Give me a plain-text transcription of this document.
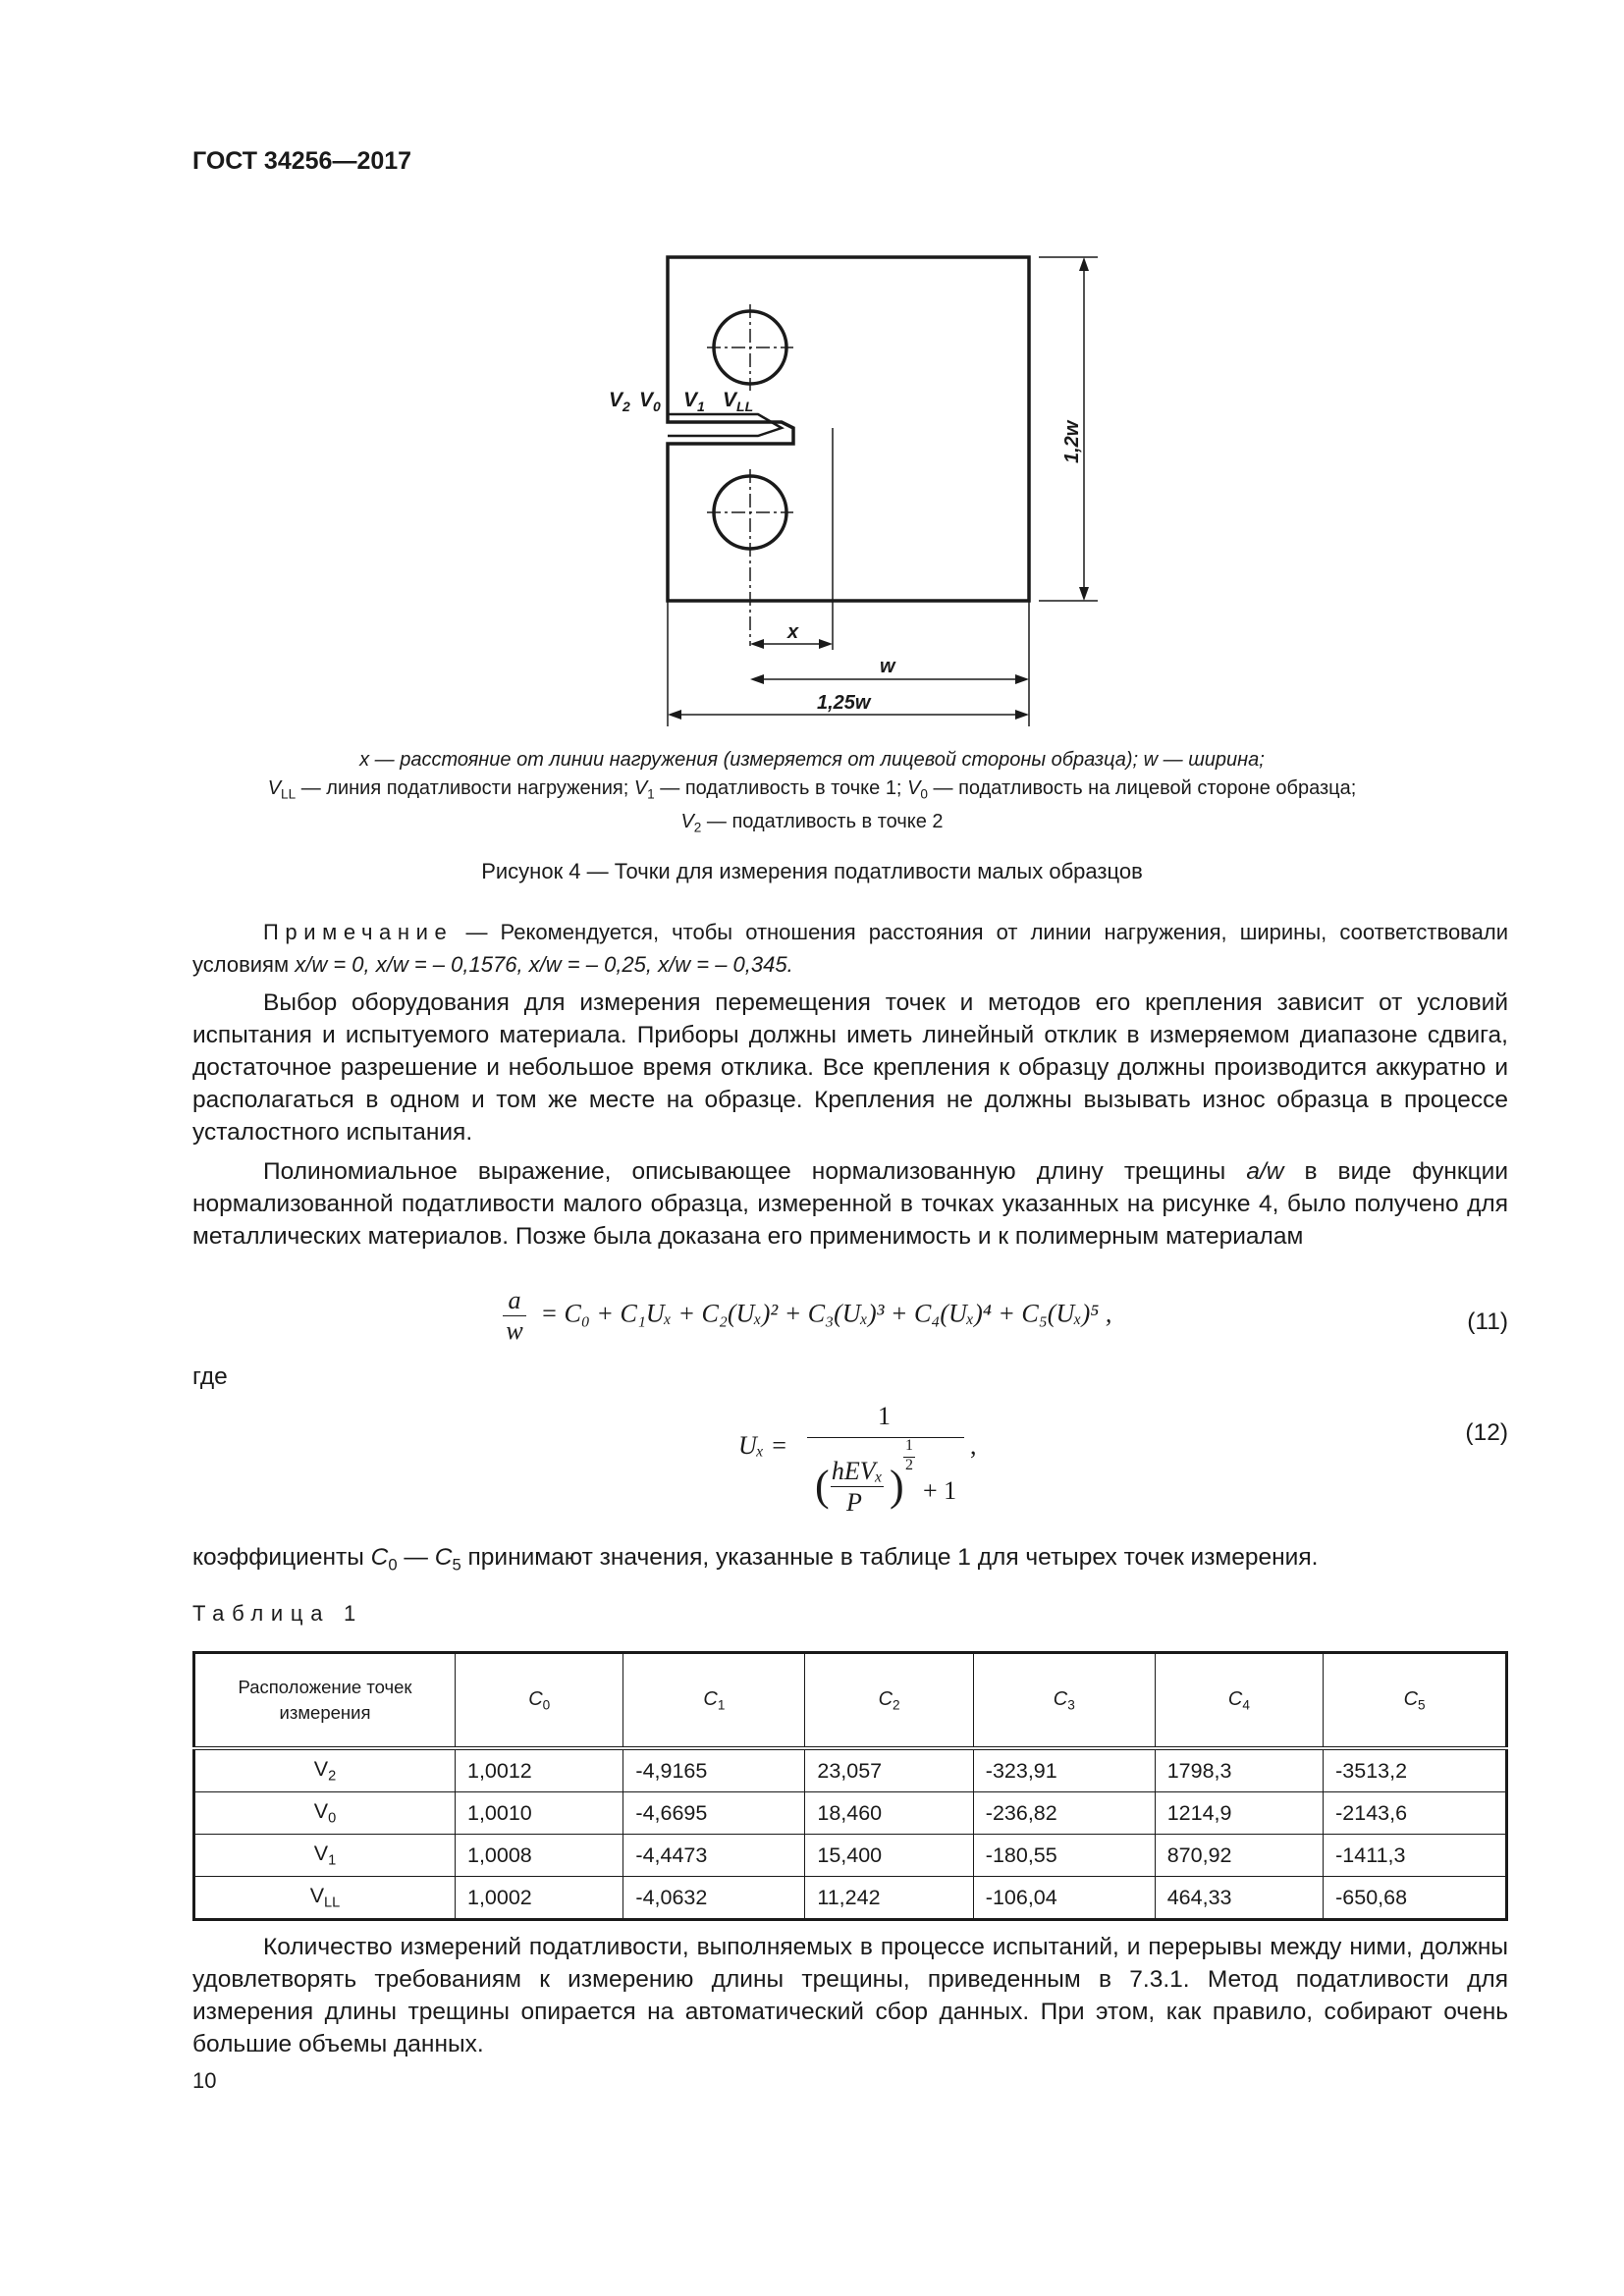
ГОСТ 34256—2017
$V_2$ $V_0$ $V_1$ $V_{LL}$
x
w
1,25w
1,2w
x — расстояние от линии нагружения (измеряется от лицевой стороны образца); w — ширина;
$V_{LL}$ — линия податливости нагружения; $V_1$ — податливость в точке 1; $V_0$ — податливость на лицевой стороне образца;
$V_2$ — податливость в точке 2
Рисунок 4 — Точки для измерения податливости малых образцов
Примечание — Рекомендуется, чтобы отношения расстояния от линии нагружения, ширины, соответствовали условиям x/w = 0, x/w = – 0,1576, x/w = – 0,25, x/w = – 0,345.
Выбор оборудования для измерения перемещения точек и методов его крепления зависит от условий испытания и испытуемого материала. Приборы должны иметь линейный отклик в измеряемом диапазоне сдвига, достаточное разрешение и небольшое время отклика. Все крепления к образцу должны производится аккуратно и располагаться в одном и том же месте на образце. Крепления не должны вызывать износ образца в процессе усталостного испытания.
Полиномиальное выражение, описывающее нормализованную длину трещины a/w в виде функции нормализованной податливости малого образца, измеренной в точках указанных на рисунке 4, было получено для металлических материалов. Позже была доказана его применимость и к полимерным материалам
$\frac{a}{w} = C_0 + C_1U_x + C_2(U_x)^2 + C_3(U_x)^3 + C_4(U_x)^4 + C_5(U_x)^5$ ,	(11)
где
Uₓ =
1
( hEVₓ
P )
1
2
+ 1
,	(12)
коэффициенты $C_0$ — $C_5$ принимают значения, указанные в таблице 1 для четырех точек измерения.
Таблица 1
Расположение точек измерения	$C_0$	$C_1$	$C_2$	$C_3$	$C_4$	$C_5$
$V_2$	1,0012	-4,9165	23,057	-323,91	1798,3	-3513,2
$V_0$	1,0010	-4,6695	18,460	-236,82	1214,9	-2143,6
$V_1$	1,0008	-4,4473	15,400	-180,55	870,92	-1411,3
$V_{LL}$	1,0002	-4,0632	11,242	-106,04	464,33	-650,68
Количество измерений податливости, выполняемых в процессе испытаний, и перерывы между ними, должны удовлетворять требованиям к измерению длины трещины, приведенным в 7.3.1. Метод податливости для измерения длины трещины опирается на автоматический сбор данных. При этом, как правило, собирают очень большие объемы данных.
10
